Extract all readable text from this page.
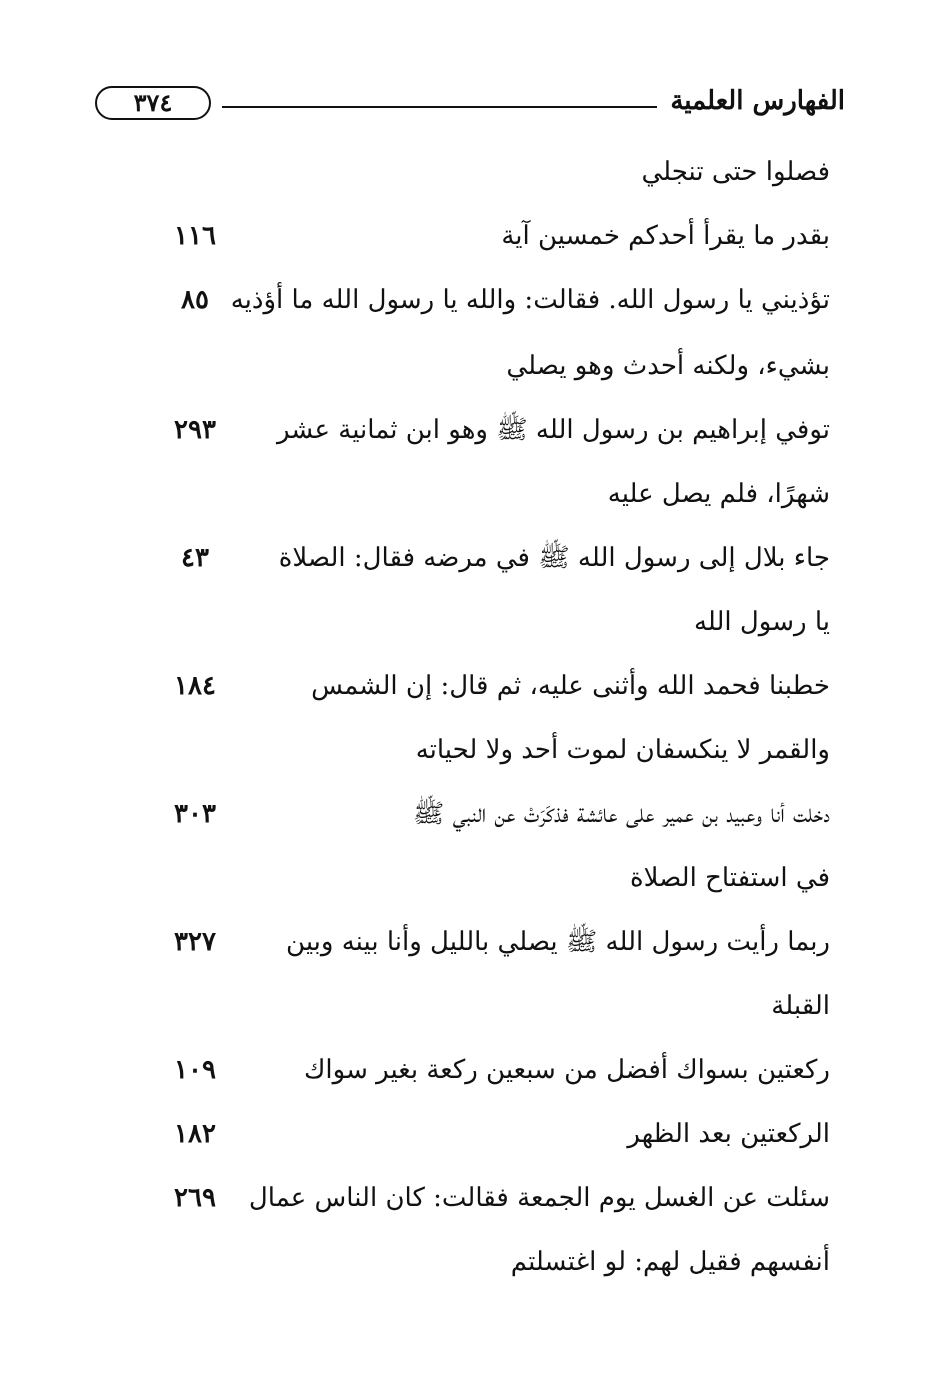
الفهارس العلمية
٣٧٤
فصلوا حتى تنجلي
بقدر ما يقرأ أحدكم خمسين آية
١١٦
تؤذيني يا رسول الله. فقالت: والله يا رسول الله ما أؤذيه
٨٥
بشيء، ولكنه أحدث وهو يصلي
توفي إبراهيم بن رسول الله ﷺ وهو ابن ثمانية عشر
٢٩٣
شهرًا، فلم يصل عليه
جاء بلال إلى رسول الله ﷺ في مرضه فقال: الصلاة
٤٣
يا رسول الله
خطبنا فحمد الله وأثنى عليه، ثم قال: إن الشمس
١٨٤
والقمر لا ينكسفان لموت أحد ولا لحياته
دخلت أنا وعبيد بن عمير على عائشة فذكَرَتْ عن النبي ﷺ
٣٠٣
في استفتاح الصلاة
ربما رأيت رسول الله ﷺ يصلي بالليل وأنا بينه وبين
٣٢٧
القبلة
ركعتين بسواك أفضل من سبعين ركعة بغير سواك
١٠٩
الركعتين بعد الظهر
١٨٢
سئلت عن الغسل يوم الجمعة فقالت: كان الناس عمال
٢٦٩
أنفسهم فقيل لهم: لو اغتسلتم
